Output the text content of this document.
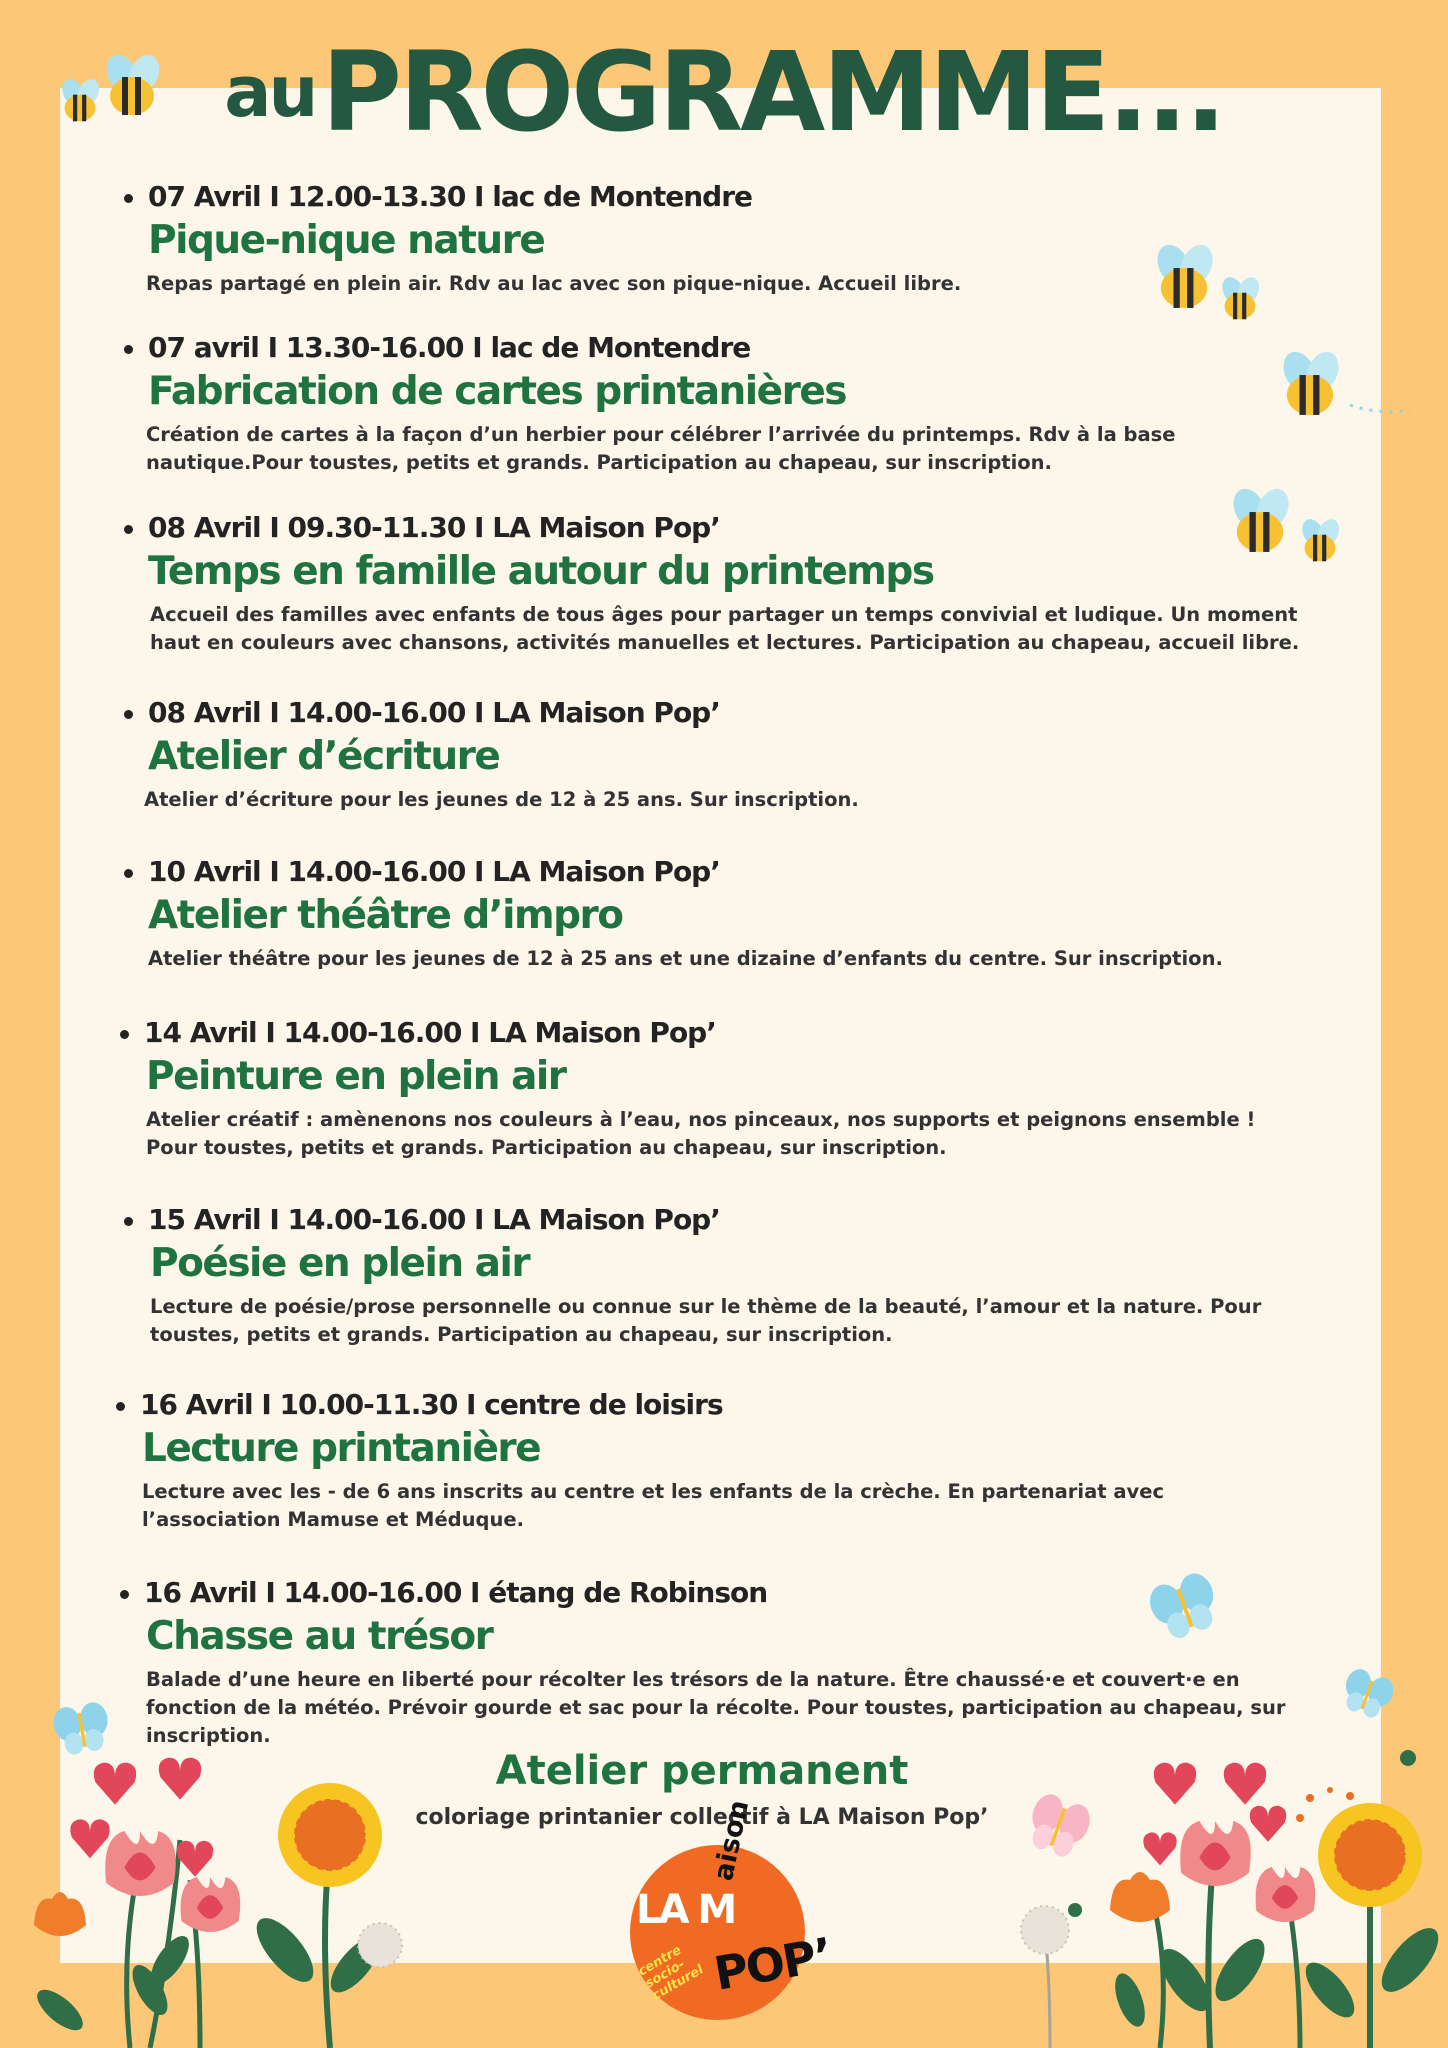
auPROGRAMME...
07 Avril I 12.00-13.30 I lac de Montendre
Pique-nique nature
Repas partagé en plein air. Rdv au lac avec son pique-nique. Accueil libre.
07 avril I 13.30-16.00 I lac de Montendre
Fabrication de cartes printanières
Création de cartes à la façon d’un herbier pour célébrer l’arrivée du printemps. Rdv à la base nautique.Pour toustes, petits et grands. Participation au chapeau, sur inscription.
08 Avril I 09.30-11.30 I LA Maison Pop’
Temps en famille autour du printemps
Accueil des familles avec enfants de tous âges pour partager un temps convivial et ludique. Un moment haut en couleurs avec chansons, activités manuelles et lectures. Participation au chapeau, accueil libre.
08 Avril I 14.00-16.00 I LA Maison Pop’
Atelier d’écriture
Atelier d’écriture pour les jeunes de 12 à 25 ans. Sur inscription.
10 Avril I 14.00-16.00 I LA Maison Pop’
Atelier théâtre d’impro
Atelier théâtre pour les jeunes de 12 à 25 ans et une dizaine d’enfants du centre. Sur inscription.
14 Avril I 14.00-16.00 I LA Maison Pop’
Peinture en plein air
Atelier créatif : amènenons nos couleurs à l’eau, nos pinceaux, nos supports et peignons ensemble !
Pour toustes, petits et grands. Participation au chapeau, sur inscription.
15 Avril I 14.00-16.00 I LA Maison Pop’
Poésie en plein air
Lecture de poésie/prose personnelle ou connue sur le thème de la beauté, l’amour et la nature. Pour toustes, petits et grands. Participation au chapeau, sur inscription.
16 Avril I 10.00-11.30 I centre de loisirs
Lecture printanière
Lecture avec les - de 6 ans inscrits au centre et les enfants de la crèche. En partenariat avec l’association Mamuse et Méduque.
16 Avril I 14.00-16.00 I étang de Robinson
Chasse au trésor
Balade d’une heure en liberté pour récolter les trésors de la nature. Être chaussé·e et couvert·e en fonction de la météo. Prévoir gourde et sac pour la récolte. Pour toustes, participation au chapeau, sur inscription.
Atelier permanent
coloriage printanier collectif à LA Maison Pop’
LA M
aison
POP’
centre socio-culturel
